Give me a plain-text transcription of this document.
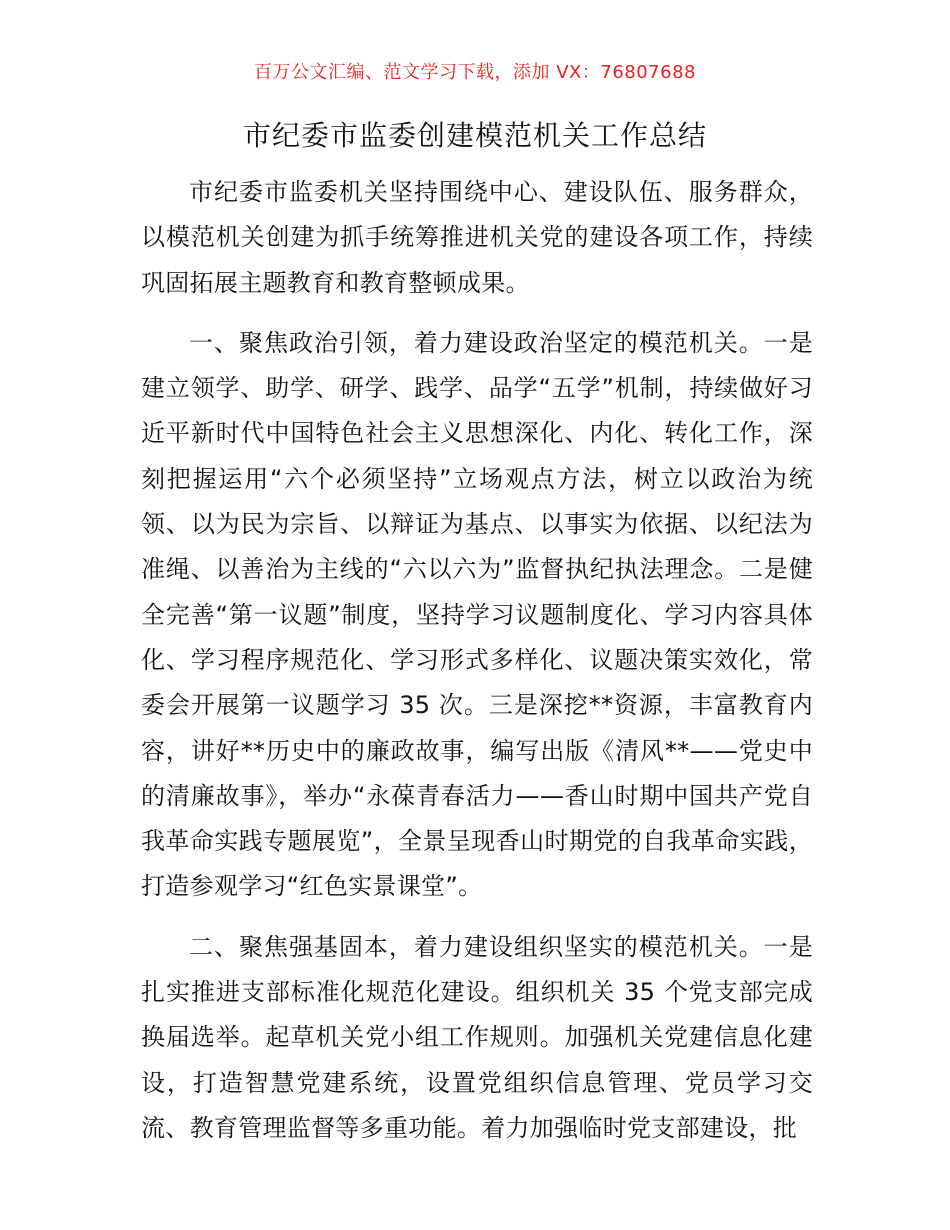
百万公文汇编、范文学习下载，添加 VX：76807688
市纪委市监委创建模范机关工作总结

市纪委市监委机关坚持围绕中心、建设队伍、服务群众，以模范机关创建为抓手统筹推进机关党的建设各项工作，持续巩固拓展主题教育和教育整顿成果。

一、聚焦政治引领，着力建设政治坚定的模范机关。一是建立领学、助学、研学、践学、品学“五学”机制，持续做好习近平新时代中国特色社会主义思想深化、内化、转化工作，深刻把握运用“六个必须坚持”立场观点方法，树立以政治为统领、以为民为宗旨、以辩证为基点、以事实为依据、以纪法为准绳、以善治为主线的“六以六为”监督执纪执法理念。二是健全完善“第一议题”制度，坚持学习议题制度化、学习内容具体化、学习程序规范化、学习形式多样化、议题决策实效化，常委会开展第一议题学习 35 次。三是深挖**资源，丰富教育内容，讲好**历史中的廉政故事，编写出版《清风**——党史中的清廉故事》，举办“永葆青春活力——香山时期中国共产党自我革命实践专题展览”，全景呈现香山时期党的自我革命实践，打造参观学习“红色实景课堂”。

二、聚焦强基固本，着力建设组织坚实的模范机关。一是扎实推进支部标准化规范化建设。组织机关 35 个党支部完成换届选举。起草机关党小组工作规则。加强机关党建信息化建设，打造智慧党建系统，设置党组织信息管理、党员学习交流、教育管理监督等多重功能。着力加强临时党支部建设，批
